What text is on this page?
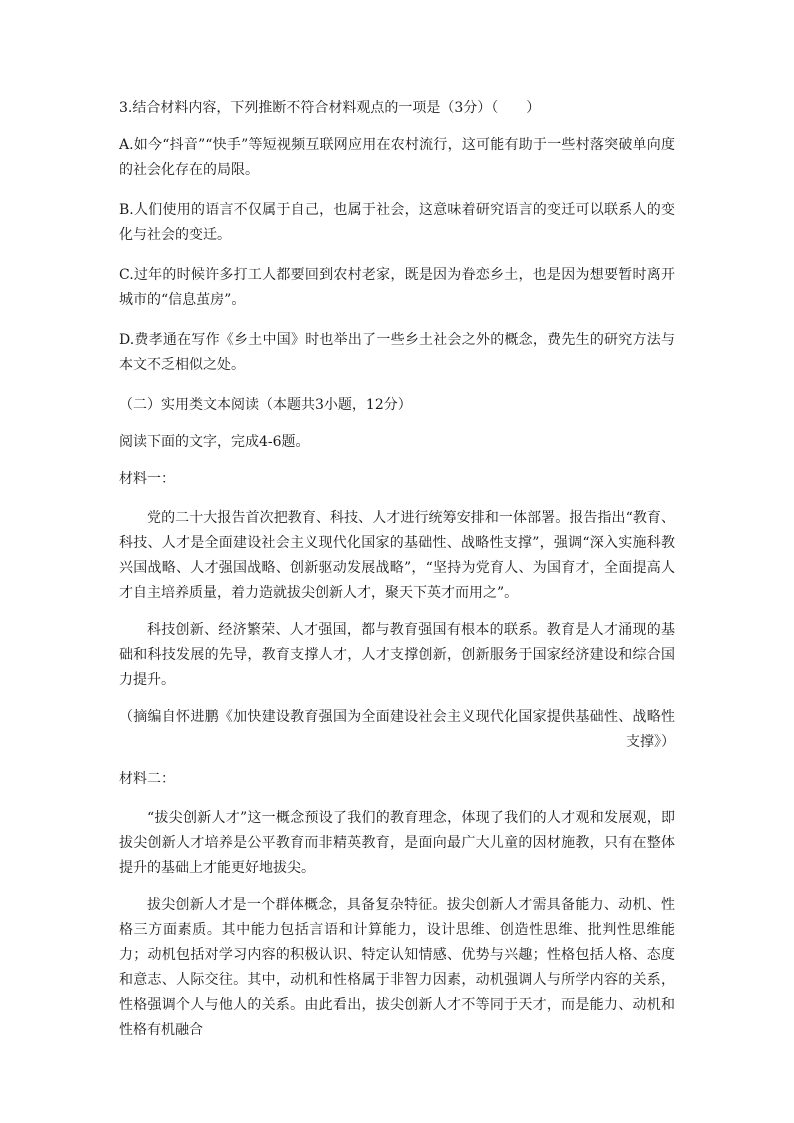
3.结合材料内容，下列推断不符合材料观点的一项是（3分）（　　）

A.如今“抖音”“快手”等短视频互联网应用在农村流行，这可能有助于一些村落突破单向度的社会化存在的局限。

B.人们使用的语言不仅属于自己，也属于社会，这意味着研究语言的变迁可以联系人的变化与社会的变迁。

C.过年的时候许多打工人都要回到农村老家，既是因为眷恋乡土，也是因为想要暂时离开城市的“信息茧房”。

D.费孝通在写作《乡土中国》时也举出了一些乡土社会之外的概念，费先生的研究方法与本文不乏相似之处。

（二）实用类文本阅读（本题共3小题，12分）

阅读下面的文字，完成4-6题。

材料一：

党的二十大报告首次把教育、科技、人才进行统筹安排和一体部署。报告指出“教育、科技、人才是全面建设社会主义现代化国家的基础性、战略性支撑”，强调“深入实施科教兴国战略、人才强国战略、创新驱动发展战略”，“坚持为党育人、为国育才，全面提高人才自主培养质量，着力造就拔尖创新人才，聚天下英才而用之”。

科技创新、经济繁荣、人才强国，都与教育强国有根本的联系。教育是人才涌现的基础和科技发展的先导，教育支撑人才，人才支撑创新，创新服务于国家经济建设和综合国力提升。

（摘编自怀进鹏《加快建设教育强国为全面建设社会主义现代化国家提供基础性、战略性支撑》）

材料二：

“拔尖创新人才”这一概念预设了我们的教育理念，体现了我们的人才观和发展观，即拔尖创新人才培养是公平教育而非精英教育，是面向最广大儿童的因材施教，只有在整体提升的基础上才能更好地拔尖。

拔尖创新人才是一个群体概念，具备复杂特征。拔尖创新人才需具备能力、动机、性格三方面素质。其中能力包括言语和计算能力，设计思维、创造性思维、批判性思维能力；动机包括对学习内容的积极认识、特定认知情感、优势与兴趣；性格包括人格、态度和意志、人际交往。其中，动机和性格属于非智力因素，动机强调人与所学内容的关系，性格强调个人与他人的关系。由此看出，拔尖创新人才不等同于天才，而是能力、动机和性格有机融合
